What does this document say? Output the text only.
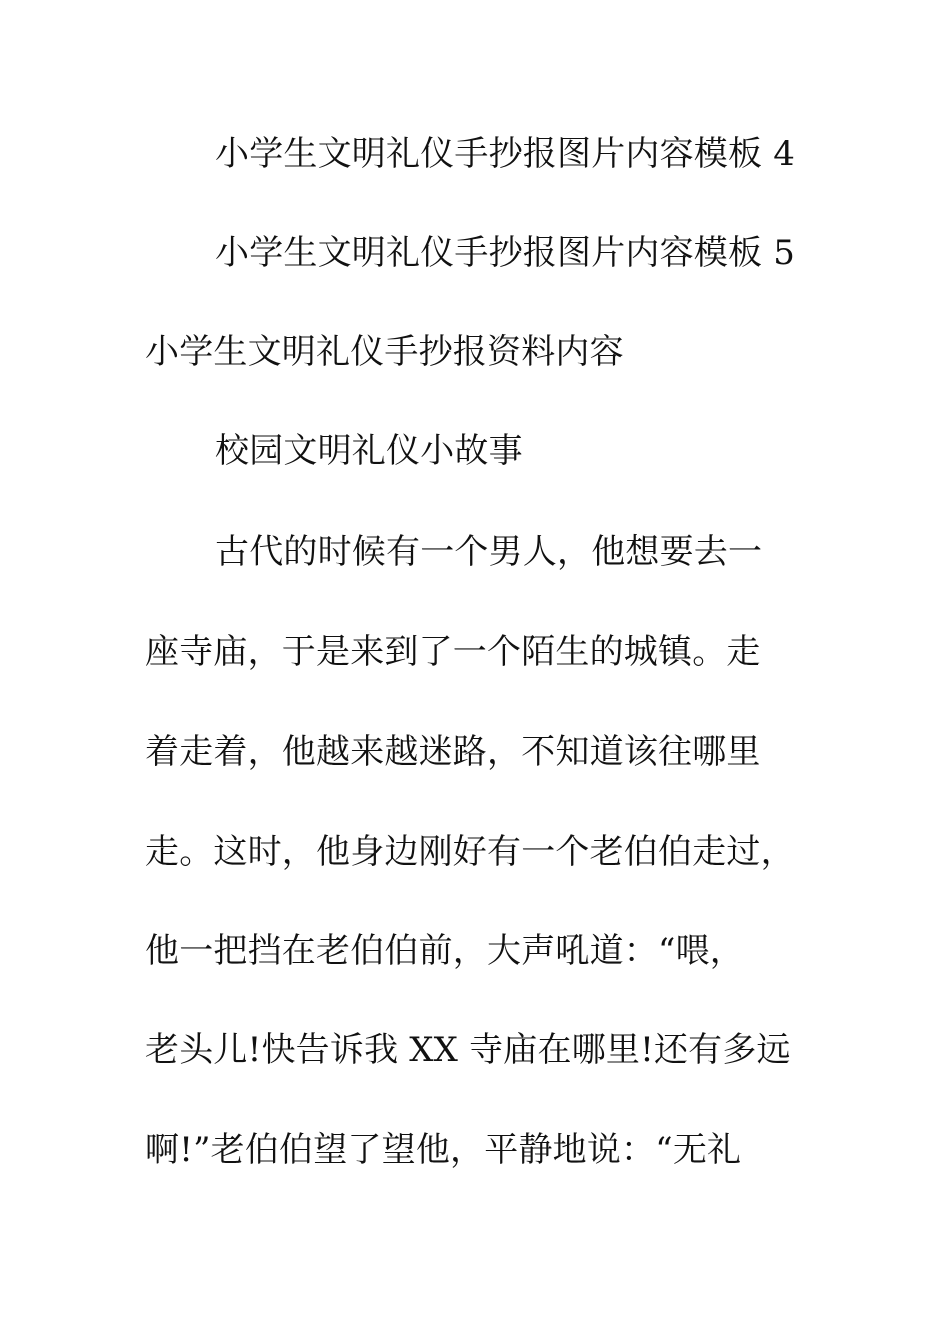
小学生文明礼仪手抄报图片内容模板 4
小学生文明礼仪手抄报图片内容模板 5
小学生文明礼仪手抄报资料内容
校园文明礼仪小故事
古代的时候有一个男人，他想要去一
座寺庙，于是来到了一个陌生的城镇。走
着走着，他越来越迷路，不知道该往哪里
走。这时，他身边刚好有一个老伯伯走过，
他一把挡在老伯伯前，大声吼道：“喂，
老头儿!快告诉我 XX 寺庙在哪里!还有多远
啊!”老伯伯望了望他，平静地说：“无礼
